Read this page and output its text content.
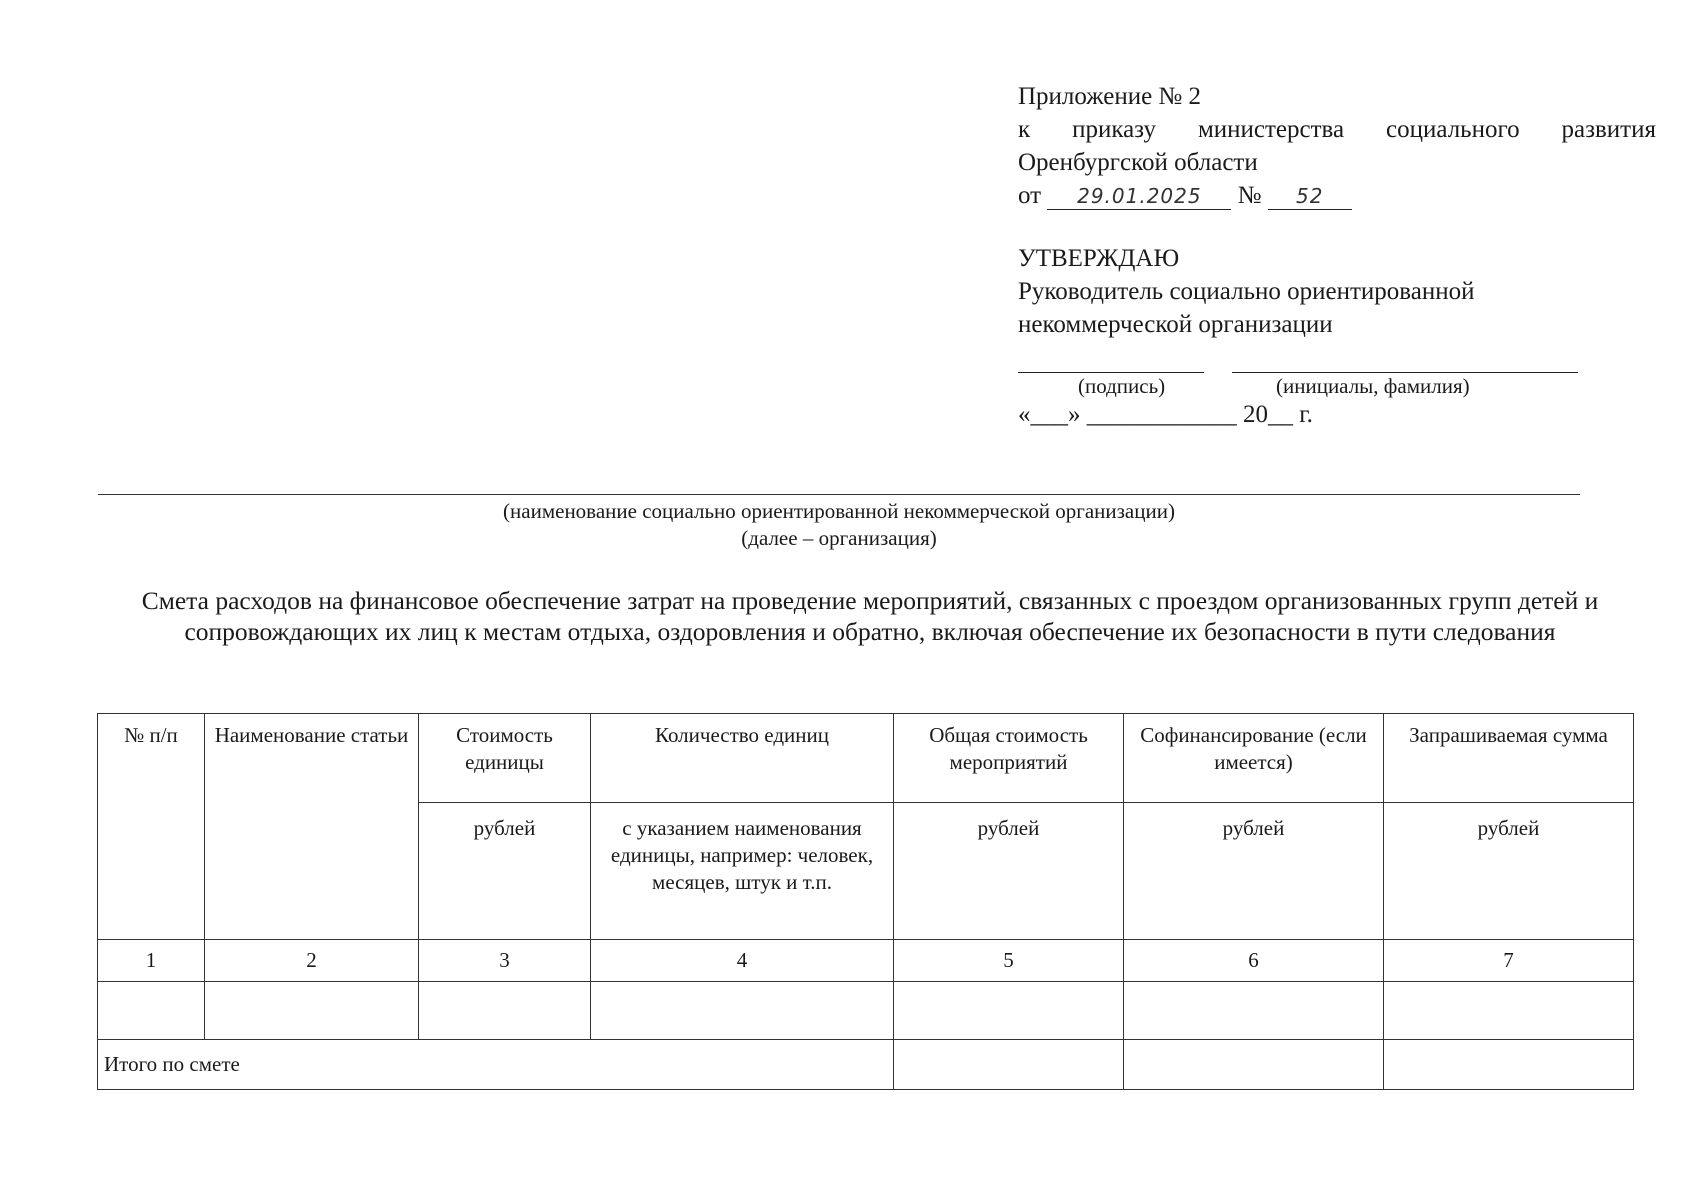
Приложение № 2
к приказу министерства социального развития
Оренбургской области
от 29.01.2025 № 52
УТВЕРЖДАЮ
Руководитель социально ориентированной
некоммерческой организации
(подпись)	(инициалы, фамилия)
«___» ____________ 20__ г.
(наименование социально ориентированной некоммерческой организации)
(далее – организация)
Смета расходов на финансовое обеспечение затрат на проведение мероприятий, связанных с проездом организованных групп детей и сопровождающих их лиц к местам отдыха, оздоровления и обратно, включая обеспечение их безопасности в пути следования
№ п/п	Наименование статьи	Стоимость единицы	Количество единиц	Общая стоимость мероприятий	Софинансирование (если имеется)	Запрашиваемая сумма
		рублей	с указанием наименования единицы, например: человек, месяцев, штук и т.п.	рублей	рублей	рублей
1	2	3	4	5	6	7

Итого по смете						
